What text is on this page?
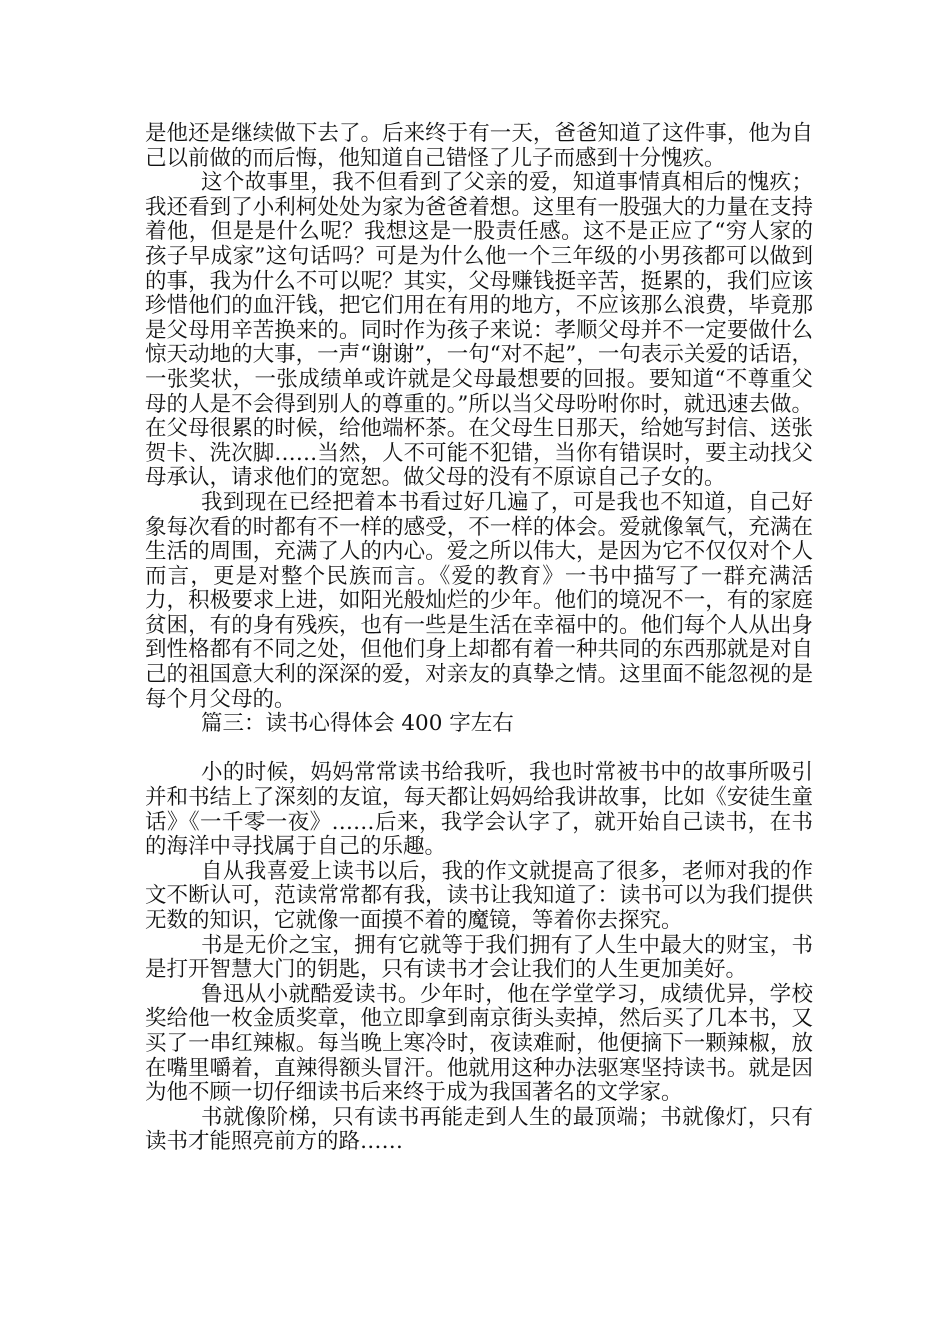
是他还是继续做下去了。后来终于有一天，爸爸知道了这件事，他为自己以前做的而后悔，他知道自己错怪了儿子而感到十分愧疚。

这个故事里，我不但看到了父亲的爱，知道事情真相后的愧疚；我还看到了小利柯处处为家为爸爸着想。这里有一股强大的力量在支持着他，但是是什么呢？我想这是一股责任感。这不是正应了“穷人家的孩子早成家”这句话吗？可是为什么他一个三年级的小男孩都可以做到的事，我为什么不可以呢？其实，父母赚钱挺辛苦，挺累的，我们应该珍惜他们的血汗钱，把它们用在有用的地方，不应该那么浪费，毕竟那是父母用辛苦换来的。同时作为孩子来说：孝顺父母并不一定要做什么惊天动地的大事，一声“谢谢”，一句“对不起”，一句表示关爱的话语，一张奖状，一张成绩单或许就是父母最想要的回报。要知道“不尊重父母的人是不会得到别人的尊重的。”所以当父母吩咐你时，就迅速去做。在父母很累的时候，给他端杯茶。在父母生日那天，给她写封信、送张贺卡、洗次脚……当然，人不可能不犯错，当你有错误时，要主动找父母承认，请求他们的宽恕。做父母的没有不原谅自己子女的。

我到现在已经把着本书看过好几遍了，可是我也不知道，自己好象每次看的时都有不一样的感受，不一样的体会。爱就像氧气，充满在生活的周围，充满了人的内心。爱之所以伟大，是因为它不仅仅对个人而言，更是对整个民族而言。《爱的教育》一书中描写了一群充满活力，积极要求上进，如阳光般灿烂的少年。他们的境况不一，有的家庭贫困，有的身有残疾，也有一些是生活在幸福中的。他们每个人从出身到性格都有不同之处，但他们身上却都有着一种共同的东西那就是对自己的祖国意大利的深深的爱，对亲友的真挚之情。这里面不能忽视的是每个月父母的。

篇三：读书心得体会 400 字左右

小的时候，妈妈常常读书给我听，我也时常被书中的故事所吸引并和书结上了深刻的友谊，每天都让妈妈给我讲故事，比如《安徒生童话》《一千零一夜》……后来，我学会认字了，就开始自己读书，在书的海洋中寻找属于自己的乐趣。

自从我喜爱上读书以后，我的作文就提高了很多，老师对我的作文不断认可，范读常常都有我，读书让我知道了：读书可以为我们提供无数的知识，它就像一面摸不着的魔镜，等着你去探究。

书是无价之宝，拥有它就等于我们拥有了人生中最大的财宝，书是打开智慧大门的钥匙，只有读书才会让我们的人生更加美好。

鲁迅从小就酷爱读书。少年时，他在学堂学习，成绩优异，学校奖给他一枚金质奖章，他立即拿到南京街头卖掉，然后买了几本书，又买了一串红辣椒。每当晚上寒冷时，夜读难耐，他便摘下一颗辣椒，放在嘴里嚼着，直辣得额头冒汗。他就用这种办法驱寒坚持读书。就是因为他不顾一切仔细读书后来终于成为我国著名的文学家。

书就像阶梯，只有读书再能走到人生的最顶端；书就像灯，只有读书才能照亮前方的路……
